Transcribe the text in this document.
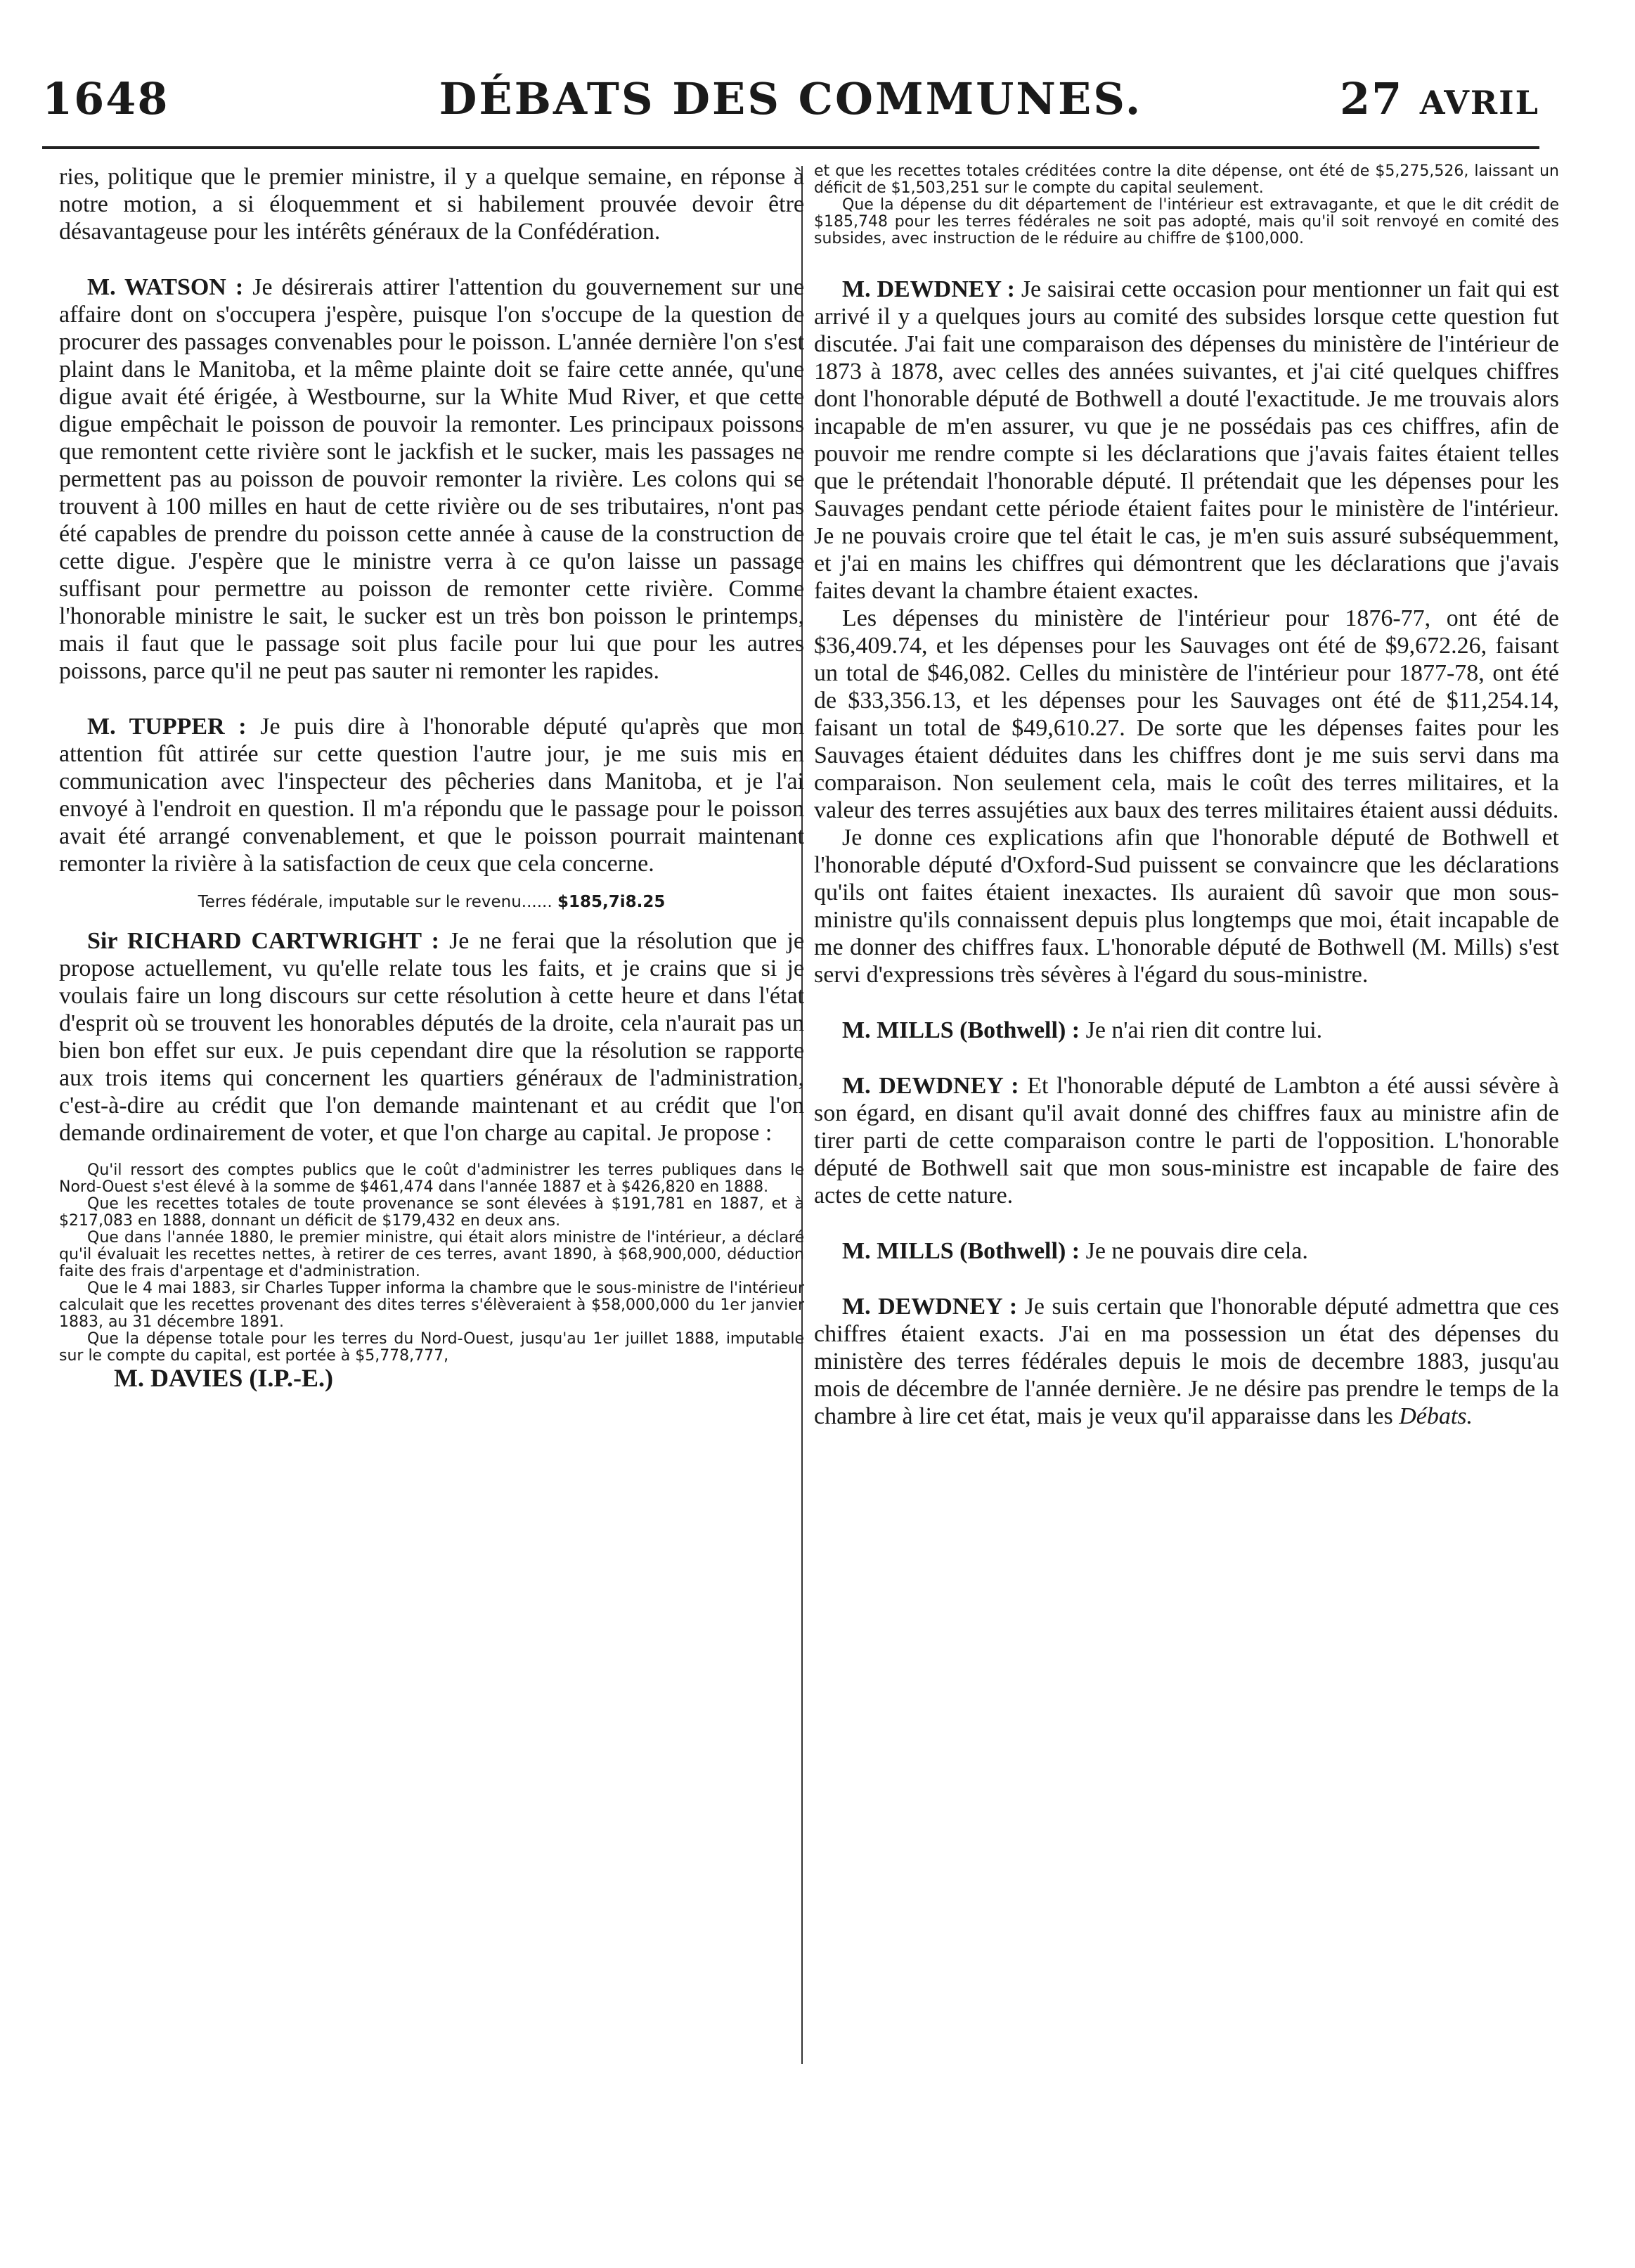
1648	DÉBATS DES COMMUNES.	27 AVRIL

ries, politique que le premier ministre, il y a quelque semaine, en réponse à notre motion, a si éloquemment et si habilement prouvée devoir être désavantageuse pour les intérêts généraux de la Confédération.

M. WATSON : Je désirerais attirer l'attention du gouvernement sur une affaire dont on s'occupera j'espère, puisque l'on s'occupe de la question de procurer des passages convenables pour le poisson. L'année dernière l'on s'est plaint dans le Manitoba, et la même plainte doit se faire cette année, qu'une digue avait été érigée, à Westbourne, sur la White Mud River, et que cette digue empêchait le poisson de pouvoir la remonter. Les principaux poissons que remontent cette rivière sont le jackfish et le sucker, mais les passages ne permettent pas au poisson de pouvoir remonter la rivière. Les colons qui se trouvent à 100 milles en haut de cette rivière ou de ses tributaires, n'ont pas été capables de prendre du poisson cette année à cause de la construction de cette digue. J'espère que le ministre verra à ce qu'on laisse un passage suffisant pour permettre au poisson de remonter cette rivière. Comme l'honorable ministre le sait, le sucker est un très bon poisson le printemps, mais il faut que le passage soit plus facile pour lui que pour les autres poissons, parce qu'il ne peut pas sauter ni remonter les rapides.

M. TUPPER : Je puis dire à l'honorable député qu'après que mon attention fût attirée sur cette question l'autre jour, je me suis mis en communication avec l'inspecteur des pêcheries dans Manitoba, et je l'ai envoyé à l'endroit en question. Il m'a répondu que le passage pour le poisson avait été arrangé convenablement, et que le poisson pourrait maintenant remonter la rivière à la satisfaction de ceux que cela concerne.

Terres fédérale, imputable sur le revenu...... $185,7i8.25

Sir RICHARD CARTWRIGHT : Je ne ferai que la résolution que je propose actuellement, vu qu'elle relate tous les faits, et je crains que si je voulais faire un long discours sur cette résolution à cette heure et dans l'état d'esprit où se trouvent les honorables députés de la droite, cela n'aurait pas un bien bon effet sur eux. Je puis cependant dire que la résolution se rapporte aux trois items qui concernent les quartiers généraux de l'administration, c'est-à-dire au crédit que l'on demande maintenant et au crédit que l'on demande ordinairement de voter, et que l'on charge au capital. Je propose :

Qu'il ressort des comptes publics que le coût d'administrer les terres publiques dans le Nord-Ouest s'est élevé à la somme de $461,474 dans l'année 1887 et à $426,820 en 1888.

Que les recettes totales de toute provenance se sont élevées à $191,781 en 1887, et à $217,083 en 1888, donnant un déficit de $179,432 en deux ans.

Que dans l'année 1880, le premier ministre, qui était alors ministre de l'intérieur, a déclaré qu'il évaluait les recettes nettes, à retirer de ces terres, avant 1890, à $68,900,000, déduction faite des frais d'arpentage et d'administration.

Que le 4 mai 1883, sir Charles Tupper informa la chambre que le sous-ministre de l'intérieur calculait que les recettes provenant des dites terres s'élèveraient à $58,000,000 du 1er janvier 1883, au 31 décembre 1891.

Que la dépense totale pour les terres du Nord-Ouest, jusqu'au 1er juillet 1888, imputable sur le compte du capital, est portée à $5,778,777,

M. DAVIES (I.P.-E.)

et que les recettes totales créditées contre la dite dépense, ont été de $5,275,526, laissant un déficit de $1,503,251 sur le compte du capital seulement.

Que la dépense du dit département de l'intérieur est extravagante, et que le dit crédit de $185,748 pour les terres fédérales ne soit pas adopté, mais qu'il soit renvoyé en comité des subsides, avec instruction de le réduire au chiffre de $100,000.

M. DEWDNEY : Je saisirai cette occasion pour mentionner un fait qui est arrivé il y a quelques jours au comité des subsides lorsque cette question fut discutée. J'ai fait une comparaison des dépenses du ministère de l'intérieur de 1873 à 1878, avec celles des années suivantes, et j'ai cité quelques chiffres dont l'honorable député de Bothwell a douté l'exactitude. Je me trouvais alors incapable de m'en assurer, vu que je ne possédais pas ces chiffres, afin de pouvoir me rendre compte si les déclarations que j'avais faites étaient telles que le prétendait l'honorable député. Il prétendait que les dépenses pour les Sauvages pendant cette période étaient faites pour le ministère de l'intérieur. Je ne pouvais croire que tel était le cas, je m'en suis assuré subséquemment, et j'ai en mains les chiffres qui démontrent que les déclarations que j'avais faites devant la chambre étaient exactes.

Les dépenses du ministère de l'intérieur pour 1876-77, ont été de $36,409.74, et les dépenses pour les Sauvages ont été de $9,672.26, faisant un total de $46,082. Celles du ministère de l'intérieur pour 1877-78, ont été de $33,356.13, et les dépenses pour les Sauvages ont été de $11,254.14, faisant un total de $49,610.27. De sorte que les dépenses faites pour les Sauvages étaient déduites dans les chiffres dont je me suis servi dans ma comparaison. Non seulement cela, mais le coût des terres militaires, et la valeur des terres assujéties aux baux des terres militaires étaient aussi déduits.

Je donne ces explications afin que l'honorable député de Bothwell et l'honorable député d'Oxford-Sud puissent se convaincre que les déclarations qu'ils ont faites étaient inexactes. Ils auraient dû savoir que mon sous-ministre qu'ils connaissent depuis plus longtemps que moi, était incapable de me donner des chiffres faux. L'honorable député de Bothwell (M. Mills) s'est servi d'expressions très sévères à l'égard du sous-ministre.

M. MILLS (Bothwell) : Je n'ai rien dit contre lui.

M. DEWDNEY : Et l'honorable député de Lambton a été aussi sévère à son égard, en disant qu'il avait donné des chiffres faux au ministre afin de tirer parti de cette comparaison contre le parti de l'opposition. L'honorable député de Bothwell sait que mon sous-ministre est incapable de faire des actes de cette nature.

M. MILLS (Bothwell) : Je ne pouvais dire cela.

M. DEWDNEY : Je suis certain que l'honorable député admettra que ces chiffres étaient exacts. J'ai en ma possession un état des dépenses du ministère des terres fédérales depuis le mois de decembre 1883, jusqu'au mois de décembre de l'année dernière. Je ne désire pas prendre le temps de la chambre à lire cet état, mais je veux qu'il apparaisse dans les Débats.
